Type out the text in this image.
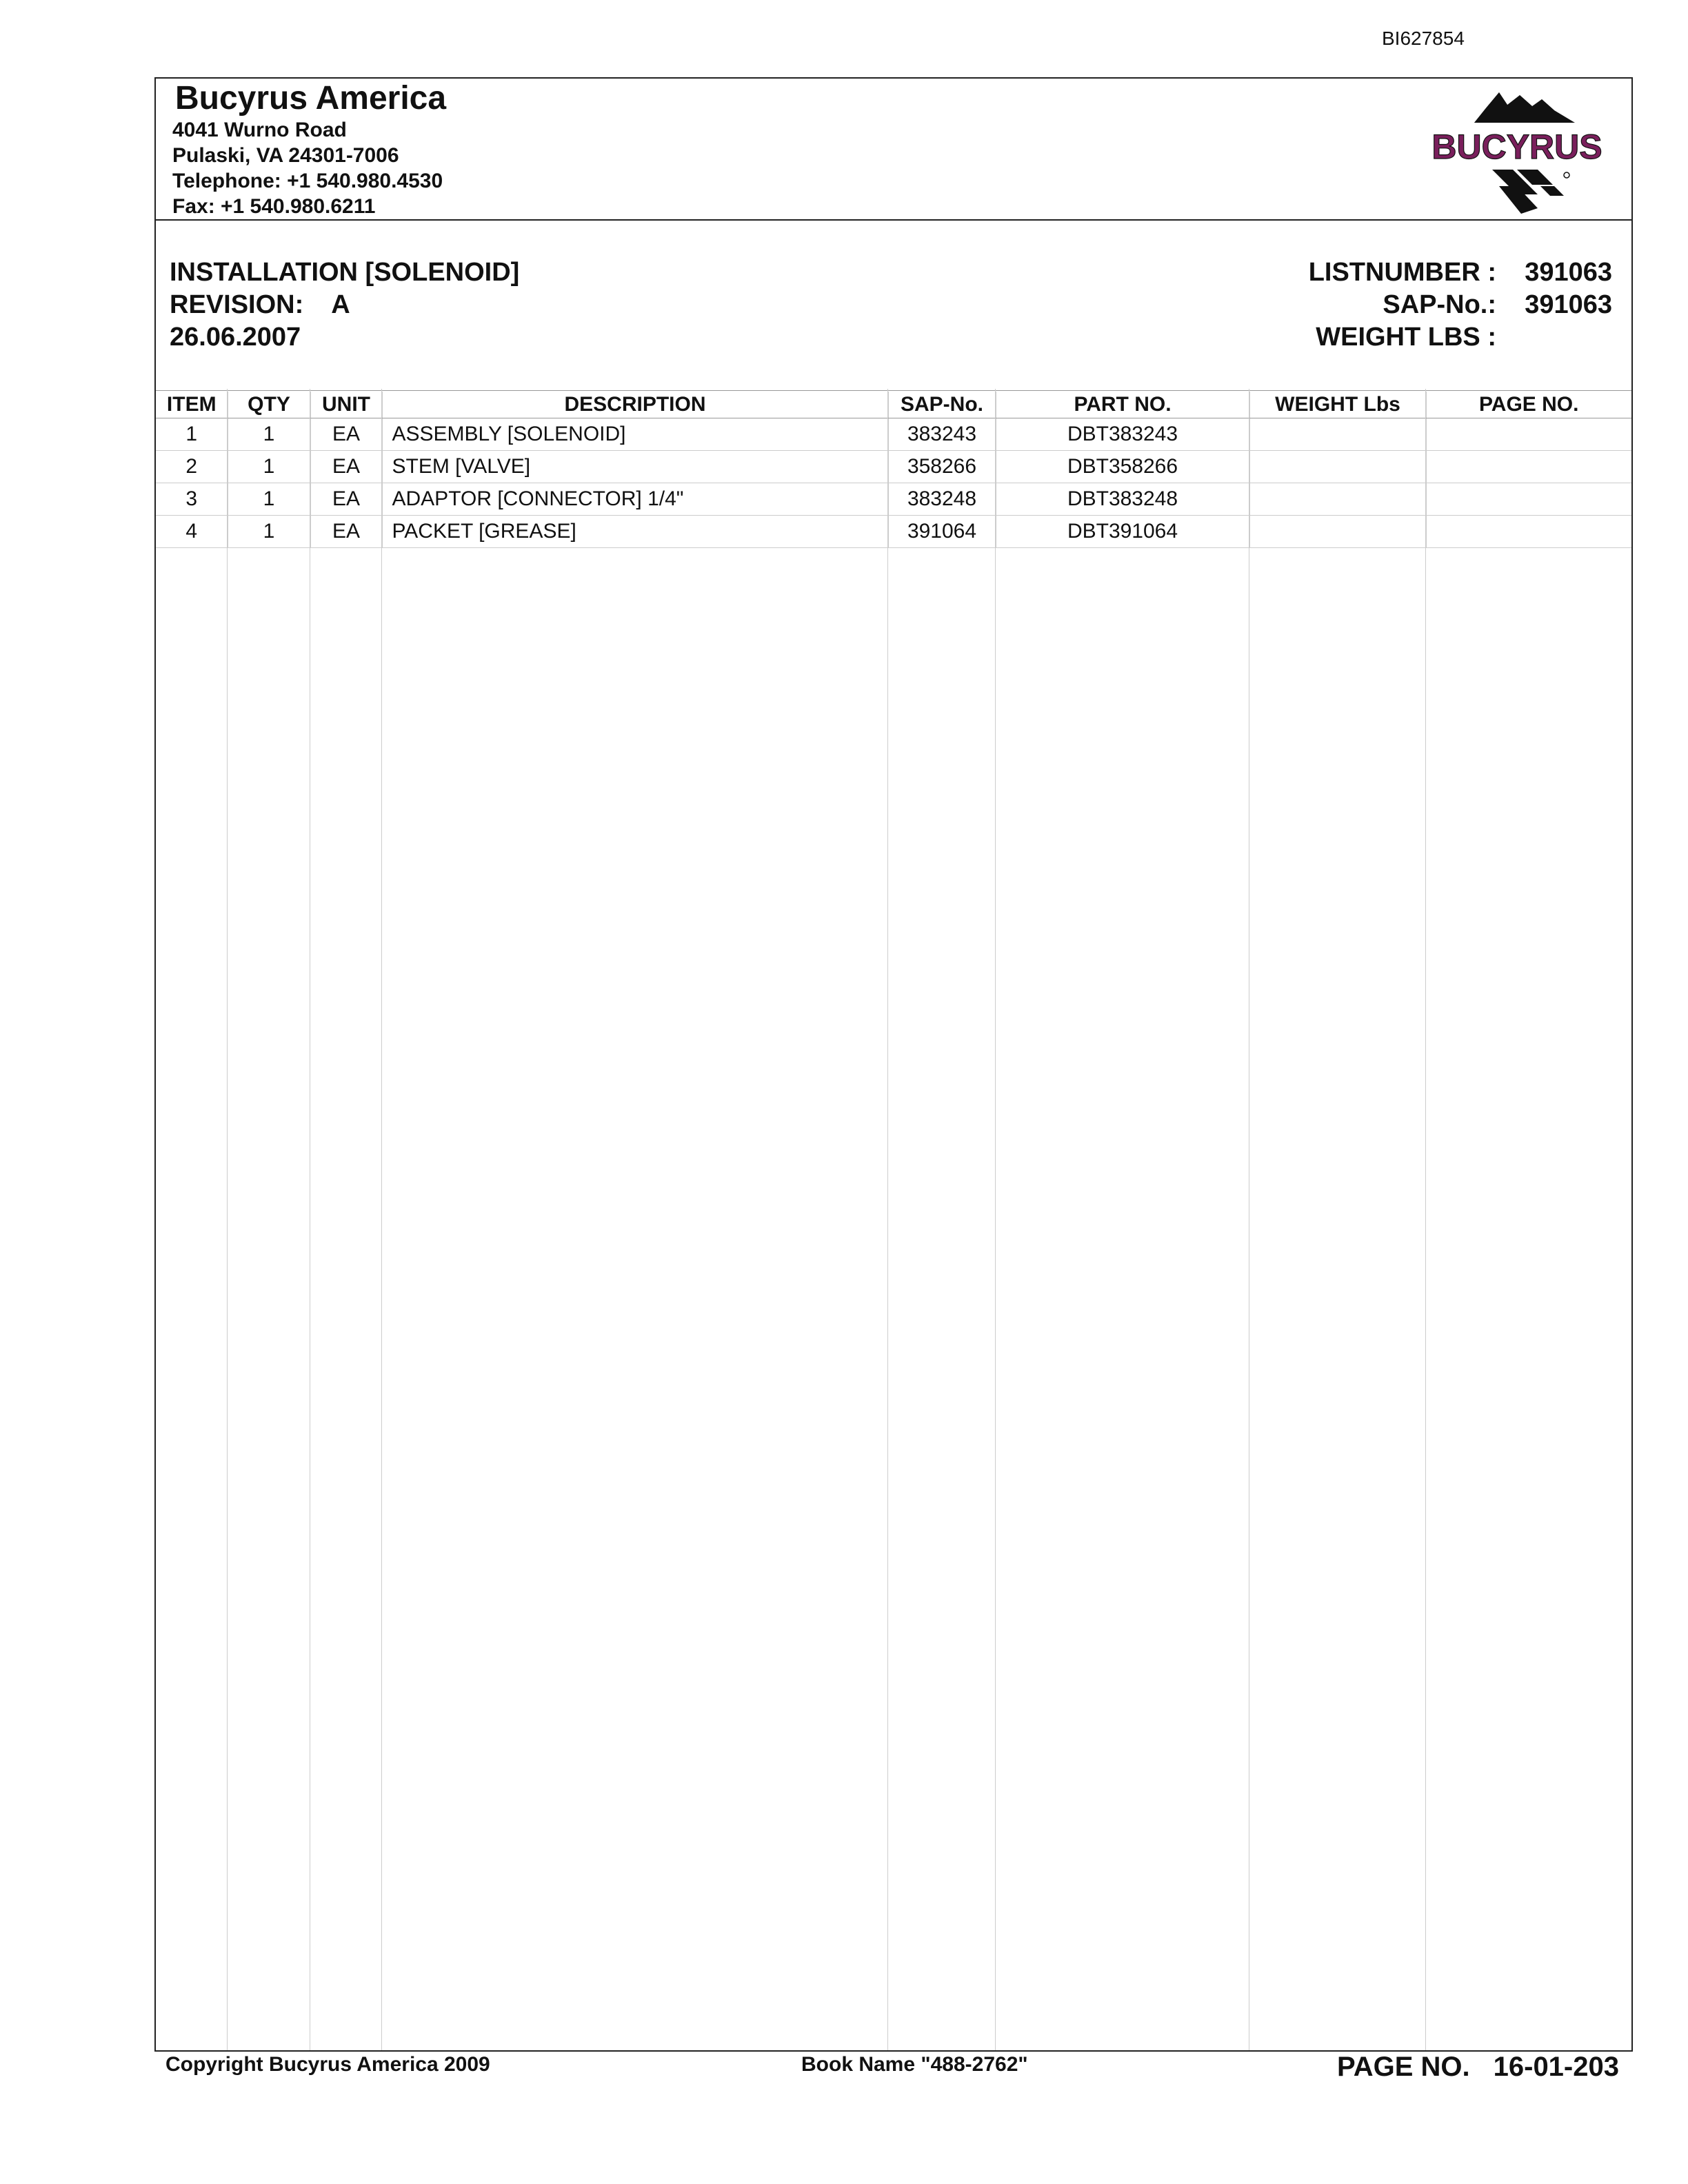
BI627854
Bucyrus America
4041 Wurno Road
Pulaski, VA 24301-7006
Telephone: +1 540.980.4530
Fax: +1 540.980.6211
BUCYRUS
INSTALLATION [SOLENOID]
REVISION: A
26.06.2007
LISTNUMBER :	391063
SAP-No.:	391063
WEIGHT LBS :
ITEM	QTY	UNIT	DESCRIPTION	SAP-No.	PART NO.	WEIGHT Lbs	PAGE NO.
1	1	EA	ASSEMBLY [SOLENOID]	383243	DBT383243		
2	1	EA	STEM [VALVE]	358266	DBT358266		
3	1	EA	ADAPTOR [CONNECTOR] 1/4"	383248	DBT383248		
4	1	EA	PACKET [GREASE]	391064	DBT391064		
Copyright Bucyrus America 2009	Book Name "488-2762"	PAGE NO. 16-01-203
